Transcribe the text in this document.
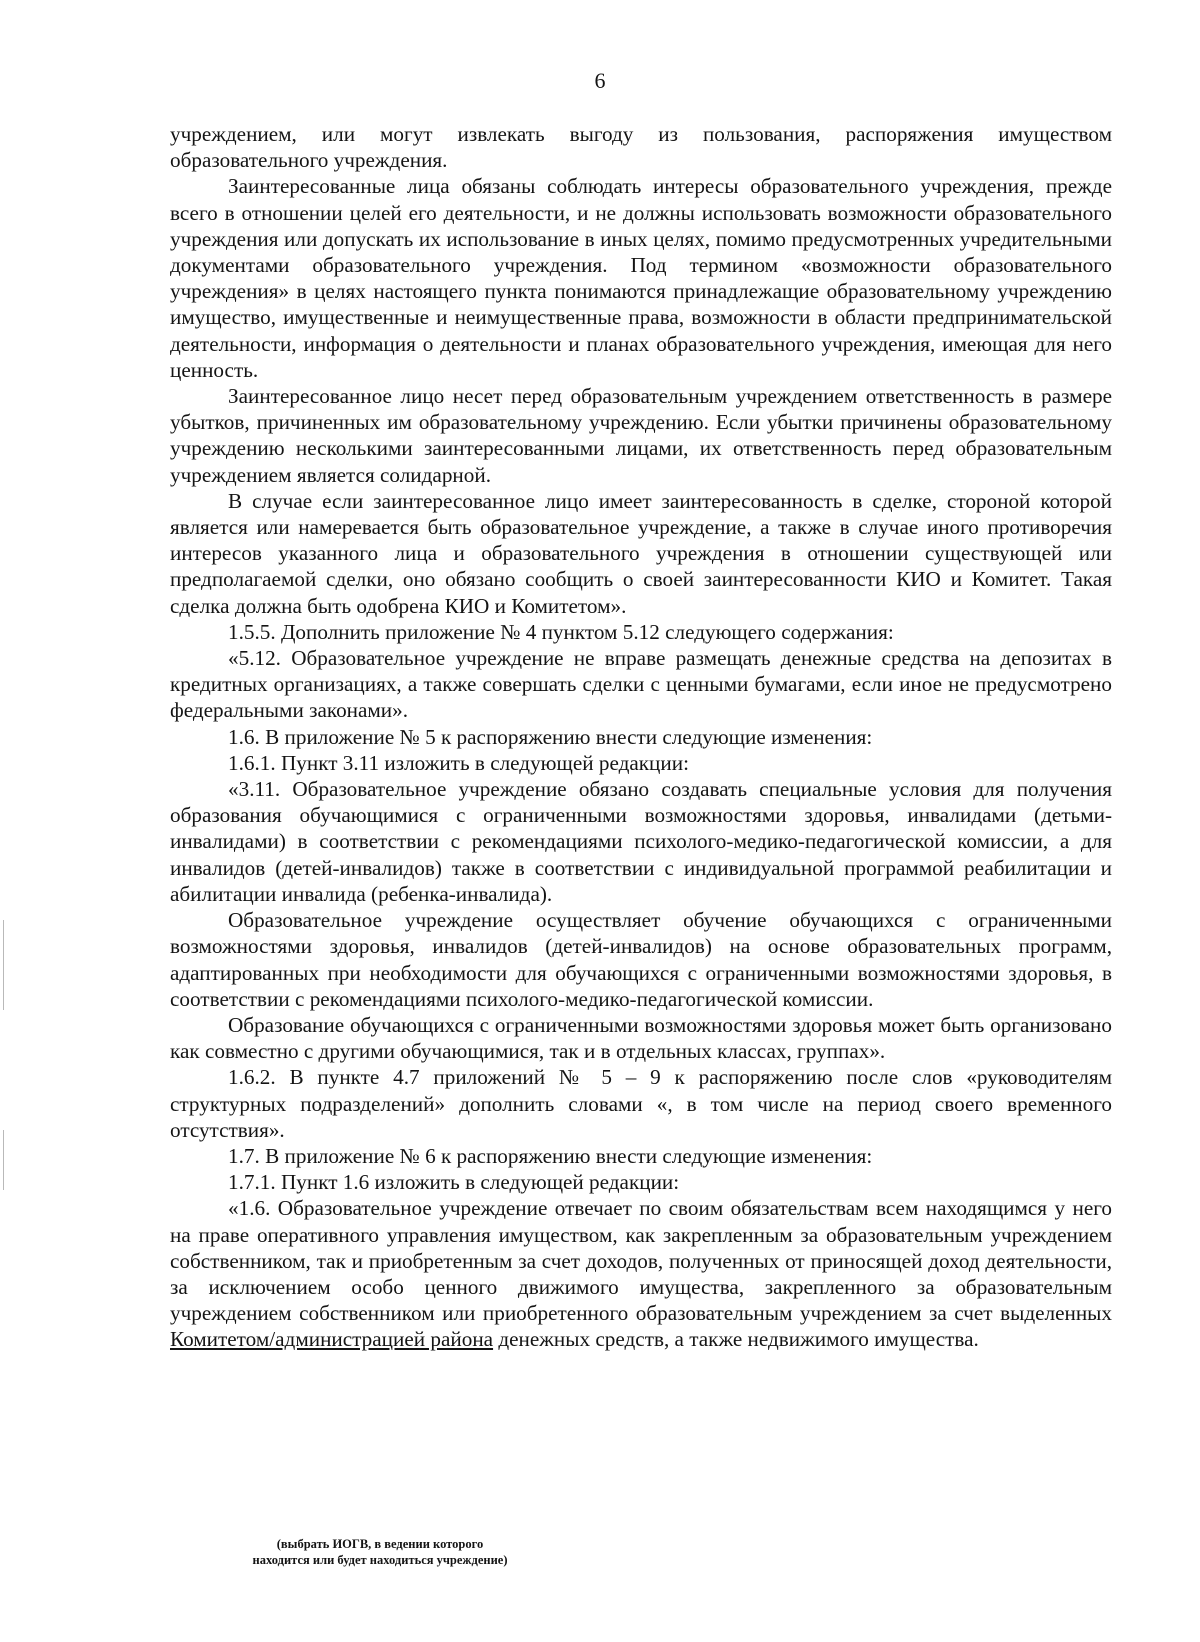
6

учреждением, или могут извлекать выгоду из пользования, распоряжения имуществом образовательного учреждения.

Заинтересованные лица обязаны соблюдать интересы образовательного учреждения, прежде всего в отношении целей его деятельности, и не должны использовать возможности образовательного учреждения или допускать их использование в иных целях, помимо предусмотренных учредительными документами образовательного учреждения. Под термином «возможности образовательного учреждения» в целях настоящего пункта понимаются принадлежащие образовательному учреждению имущество, имущественные и неимущественные права, возможности в области предпринимательской деятельности, информация о деятельности и планах образовательного учреждения, имеющая для него ценность.

Заинтересованное лицо несет перед образовательным учреждением ответственность в размере убытков, причиненных им образовательному учреждению. Если убытки причинены образовательному учреждению несколькими заинтересованными лицами, их ответственность перед образовательным учреждением является солидарной.

В случае если заинтересованное лицо имеет заинтересованность в сделке, стороной которой является или намеревается быть образовательное учреждение, а также в случае иного противоречия интересов указанного лица и образовательного учреждения в отношении существующей или предполагаемой сделки, оно обязано сообщить о своей заинтересованности КИО и Комитет. Такая сделка должна быть одобрена КИО и Комитетом».

1.5.5. Дополнить приложение № 4 пунктом 5.12 следующего содержания:

«5.12. Образовательное учреждение не вправе размещать денежные средства на депозитах в кредитных организациях, а также совершать сделки с ценными бумагами, если иное не предусмотрено федеральными законами».

1.6. В приложение № 5 к распоряжению внести следующие изменения:

1.6.1. Пункт 3.11 изложить в следующей редакции:

«3.11. Образовательное учреждение обязано создавать специальные условия для получения образования обучающимися с ограниченными возможностями здоровья, инвалидами (детьми-инвалидами) в соответствии с рекомендациями психолого-медико-педагогической комиссии, а для инвалидов (детей-инвалидов) также в соответствии с индивидуальной программой реабилитации и абилитации инвалида (ребенка-инвалида).

Образовательное учреждение осуществляет обучение обучающихся с ограниченными возможностями здоровья, инвалидов (детей-инвалидов) на основе образовательных программ, адаптированных при необходимости для обучающихся с ограниченными возможностями здоровья, в соответствии с рекомендациями психолого-медико-педагогической комиссии.

Образование обучающихся с ограниченными возможностями здоровья может быть организовано как совместно с другими обучающимися, так и в отдельных классах, группах».

1.6.2. В пункте 4.7 приложений № 5 – 9 к распоряжению после слов «руководителям структурных подразделений» дополнить словами «, в том числе на период своего временного отсутствия».

1.7. В приложение № 6 к распоряжению внести следующие изменения:

1.7.1. Пункт 1.6 изложить в следующей редакции:

«1.6. Образовательное учреждение отвечает по своим обязательствам всем находящимся у него на праве оперативного управления имуществом, как закрепленным за образовательным учреждением собственником, так и приобретенным за счет доходов, полученных от приносящей доход деятельности, за исключением особо ценного движимого имущества, закрепленного за образовательным учреждением собственником или приобретенного образовательным учреждением за счет выделенных Комитетом/администрацией района денежных средств, а также недвижимого имущества.

(выбрать ИОГВ, в ведении которого
находится или будет находиться учреждение)
